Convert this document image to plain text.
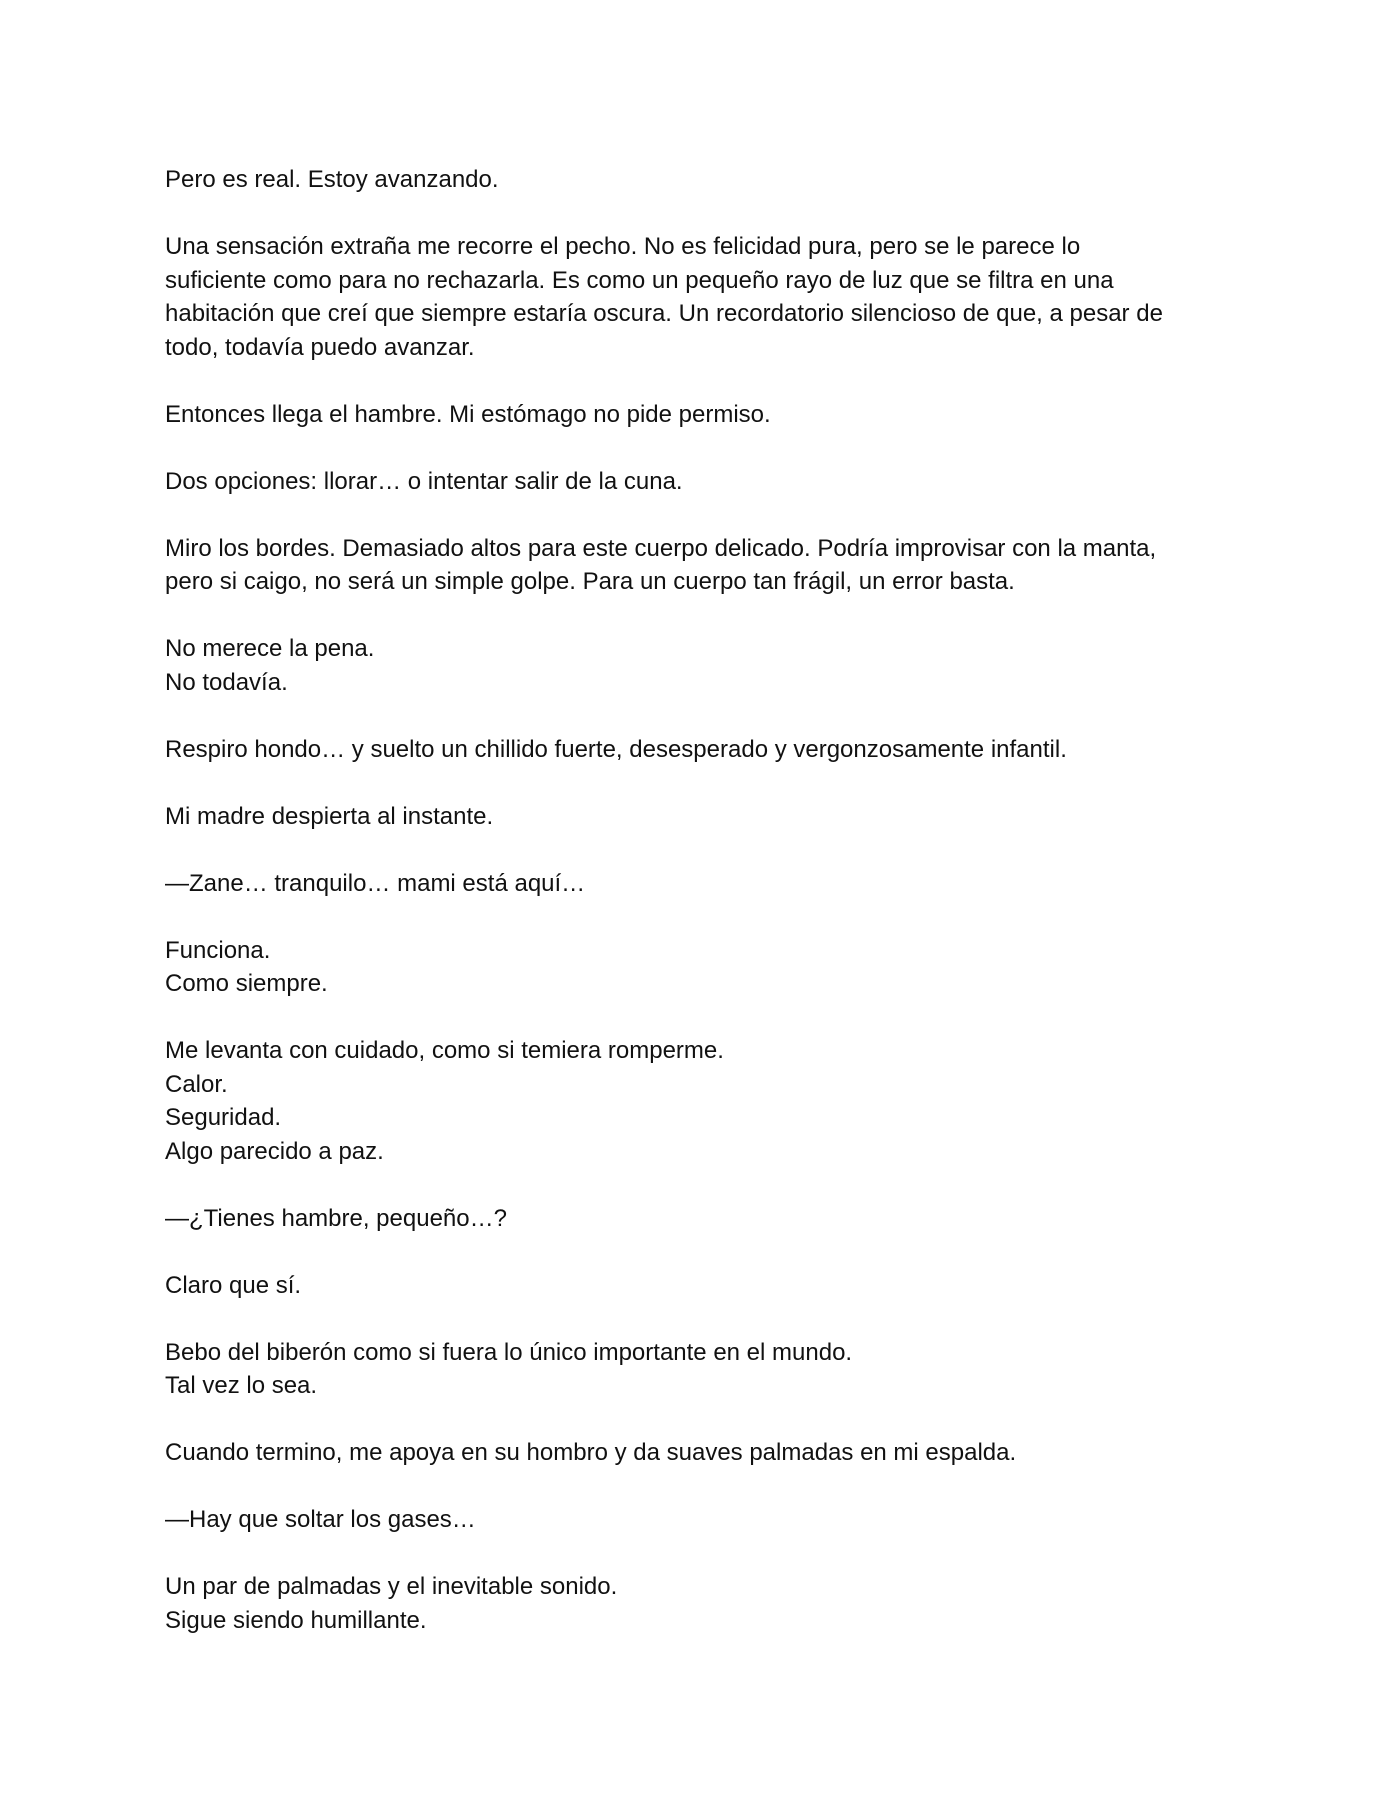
Pero es real. Estoy avanzando.

Una sensación extraña me recorre el pecho. No es felicidad pura, pero se le parece lo
suficiente como para no rechazarla. Es como un pequeño rayo de luz que se filtra en una
habitación que creí que siempre estaría oscura. Un recordatorio silencioso de que, a pesar de
todo, todavía puedo avanzar.

Entonces llega el hambre. Mi estómago no pide permiso.

Dos opciones: llorar… o intentar salir de la cuna.

Miro los bordes. Demasiado altos para este cuerpo delicado. Podría improvisar con la manta,
pero si caigo, no será un simple golpe. Para un cuerpo tan frágil, un error basta.

No merece la pena.
No todavía.

Respiro hondo… y suelto un chillido fuerte, desesperado y vergonzosamente infantil.

Mi madre despierta al instante.

—Zane… tranquilo… mami está aquí…

Funciona.
Como siempre.

Me levanta con cuidado, como si temiera romperme.
Calor.
Seguridad.
Algo parecido a paz.

—¿Tienes hambre, pequeño…?

Claro que sí.

Bebo del biberón como si fuera lo único importante en el mundo.
Tal vez lo sea.

Cuando termino, me apoya en su hombro y da suaves palmadas en mi espalda.

—Hay que soltar los gases…

Un par de palmadas y el inevitable sonido.
Sigue siendo humillante.
